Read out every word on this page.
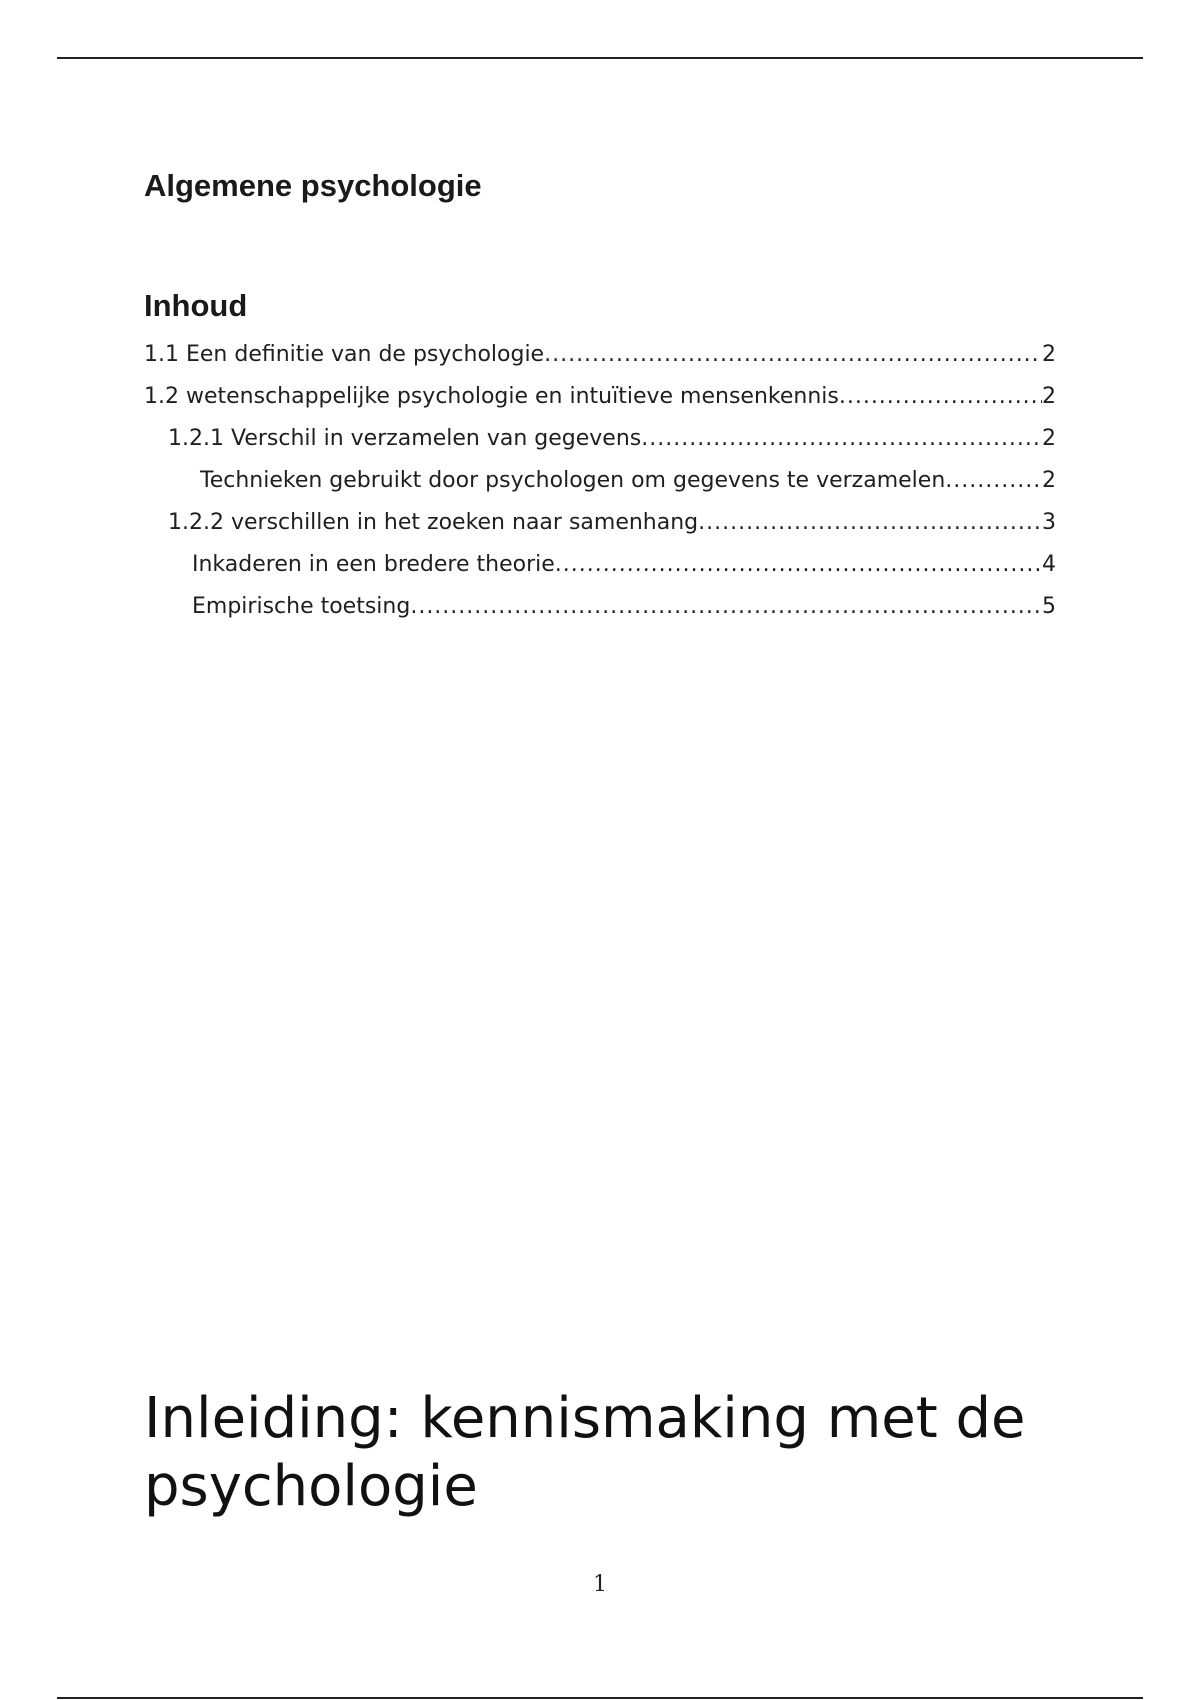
Algemene psychologie
Inhoud
1.1 Een definitie van de psychologie .....	2
1.2 wetenschappelijke psychologie en intuïtieve mensenkennis .....	2
1.2.1 Verschil in verzamelen van gegevens .....	2
Technieken gebruikt door psychologen om gegevens te verzamelen .....	2
1.2.2 verschillen in het zoeken naar samenhang .....	3
Inkaderen in een bredere theorie .....	4
Empirische toetsing .....	5
Inleiding: kennismaking met de psychologie
1
